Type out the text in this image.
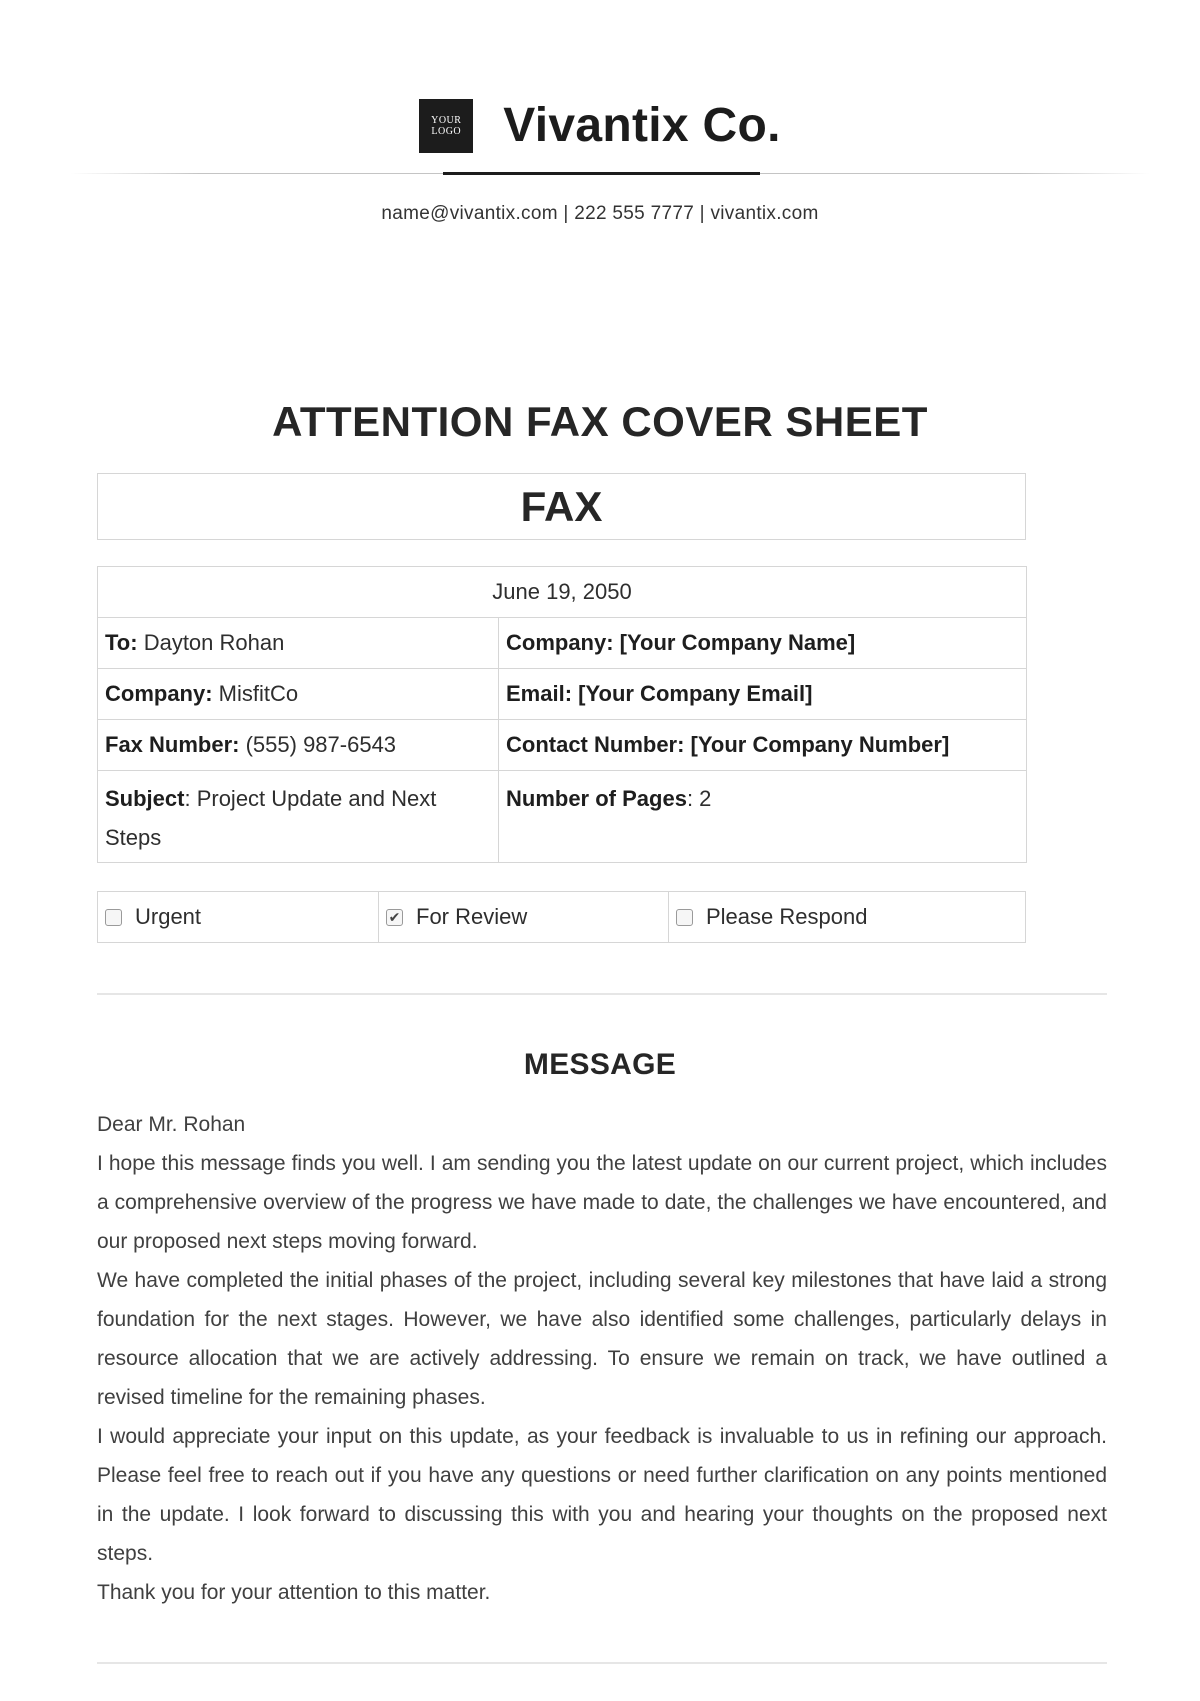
YOUR
LOGO Vivantix Co.
name@vivantix.com | 222 555 7777 | vivantix.com
ATTENTION FAX COVER SHEET
FAX
June 19, 2050	
To: Dayton Rohan	Company: [Your Company Name]
Company: MisfitCo	Email: [Your Company Email]
Fax Number: (555) 987-6543	Contact Number: [Your Company Number]
Subject: Project Update and Next Steps	Number of Pages: 2
Urgent	✔ For Review	Please Respond
MESSAGE

Dear Mr. Rohan

I hope this message finds you well. I am sending you the latest update on our current project, which includes a comprehensive overview of the progress we have made to date, the challenges we have encountered, and our proposed next steps moving forward.

We have completed the initial phases of the project, including several key milestones that have laid a strong foundation for the next stages. However, we have also identified some challenges, particularly delays in resource allocation that we are actively addressing. To ensure we remain on track, we have outlined a revised timeline for the remaining phases.

I would appreciate your input on this update, as your feedback is invaluable to us in refining our approach. Please feel free to reach out if you have any questions or need further clarification on any points mentioned in the update. I look forward to discussing this with you and hearing your thoughts on the proposed next steps.

Thank you for your attention to this matter.
